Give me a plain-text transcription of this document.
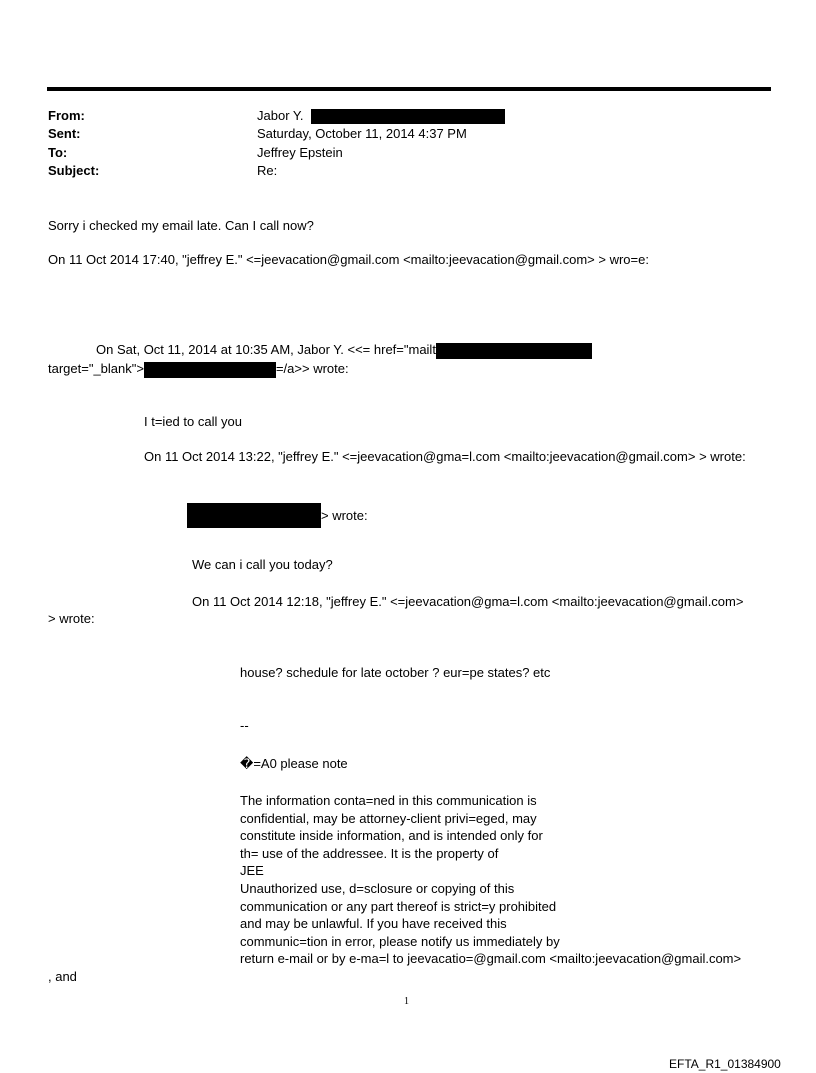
From:	Jabor Y.
Sent:	Saturday, October 11, 2014 4:37 PM
To:	Jeffrey Epstein
Subject:	Re:
Sorry i checked my email late. Can I call now?
On 11 Oct 2014 17:40, "jeffrey E." <=jeevacation@gmail.com <mailto:jeevacation@gmail.com> > wro=e:
On Sat, Oct 11, 2014 at 10:35 AM, Jabor Y. <<= href="mailt
target="_blank">	=/a>> wrote:
I t=ied to call you
On 11 Oct 2014 13:22, "jeffrey E." <=jeevacation@gma=l.com <mailto:jeevacation@gmail.com> > wrote:
> wrote:
We can i call you today?
On 11 Oct 2014 12:18, "jeffrey E." <=jeevacation@gma=l.com <mailto:jeevacation@gmail.com>
> wrote:
house? schedule for late october ? eur=pe states? etc
--
�=A0 please note
The information conta=ned in this communication is
confidential, may be attorney-client privi=eged, may
constitute inside information, and is intended only for
th= use of the addressee. It is the property of
JEE
Unauthorized use, d=sclosure or copying of this
communication or any part thereof is strict=y prohibited
and may be unlawful. If you have received this
communic=tion in error, please notify us immediately by
return e-mail or by e-ma=l to jeevacatio=@gmail.com <mailto:jeevacation@gmail.com>
, and
1
EFTA_R1_01384900
